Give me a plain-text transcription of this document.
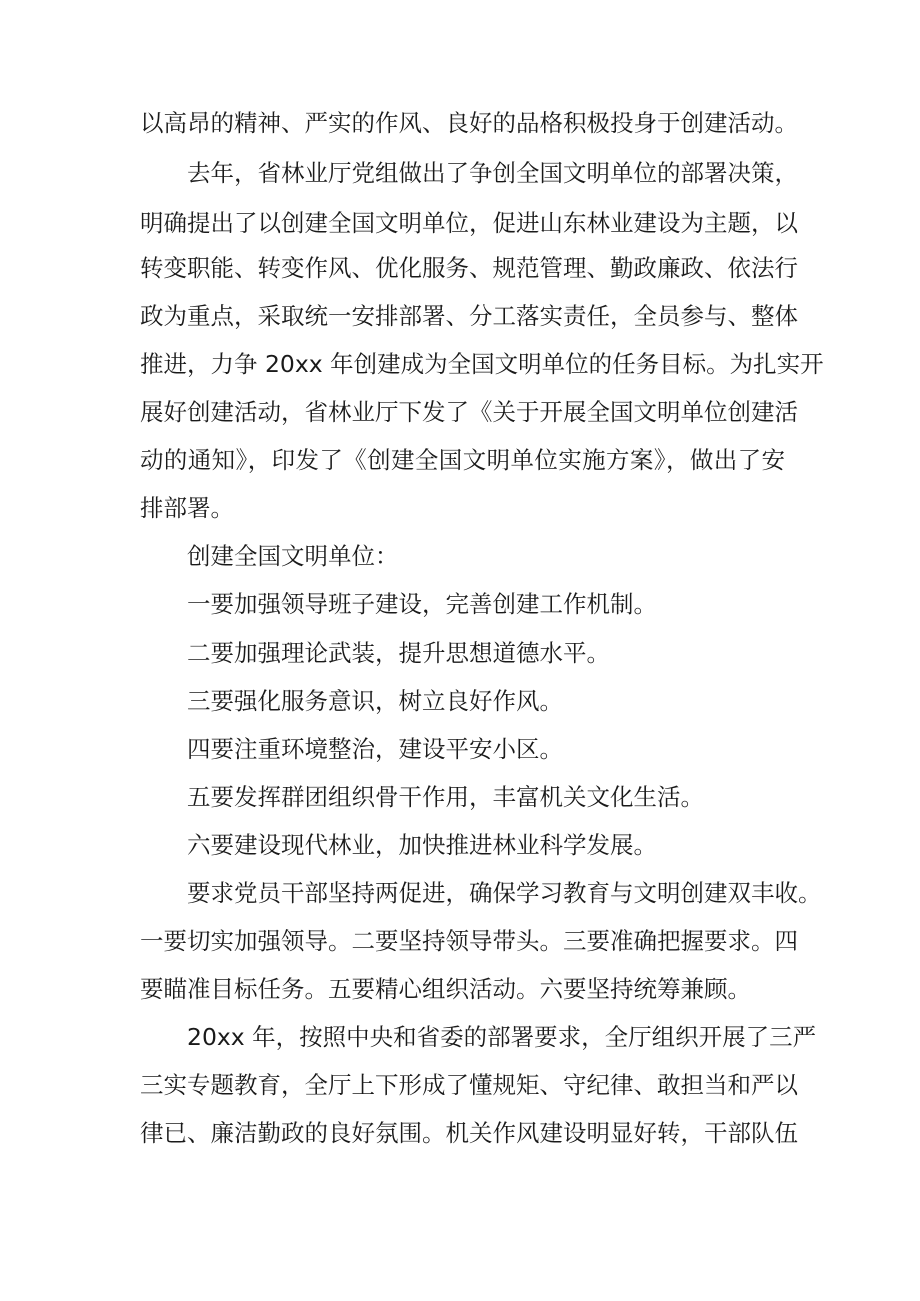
以高昂的精神、严实的作风、良好的品格积极投身于创建活动。
去年，省林业厅党组做出了争创全国文明单位的部署决策，
明确提出了以创建全国文明单位，促进山东林业建设为主题，以
转变职能、转变作风、优化服务、规范管理、勤政廉政、依法行
政为重点，采取统一安排部署、分工落实责任，全员参与、整体
推进，力争 20xx 年创建成为全国文明单位的任务目标。为扎实开
展好创建活动，省林业厅下发了《关于开展全国文明单位创建活
动的通知》，印发了《创建全国文明单位实施方案》，做出了安
排部署。
创建全国文明单位：
一要加强领导班子建设，完善创建工作机制。
二要加强理论武装，提升思想道德水平。
三要强化服务意识，树立良好作风。
四要注重环境整治，建设平安小区。
五要发挥群团组织骨干作用，丰富机关文化生活。
六要建设现代林业，加快推进林业科学发展。
要求党员干部坚持两促进，确保学习教育与文明创建双丰收。
一要切实加强领导。二要坚持领导带头。三要准确把握要求。四
要瞄准目标任务。五要精心组织活动。六要坚持统筹兼顾。
20xx 年，按照中央和省委的部署要求，全厅组织开展了三严
三实专题教育，全厅上下形成了懂规矩、守纪律、敢担当和严以
律已、廉洁勤政的良好氛围。机关作风建设明显好转，干部队伍
